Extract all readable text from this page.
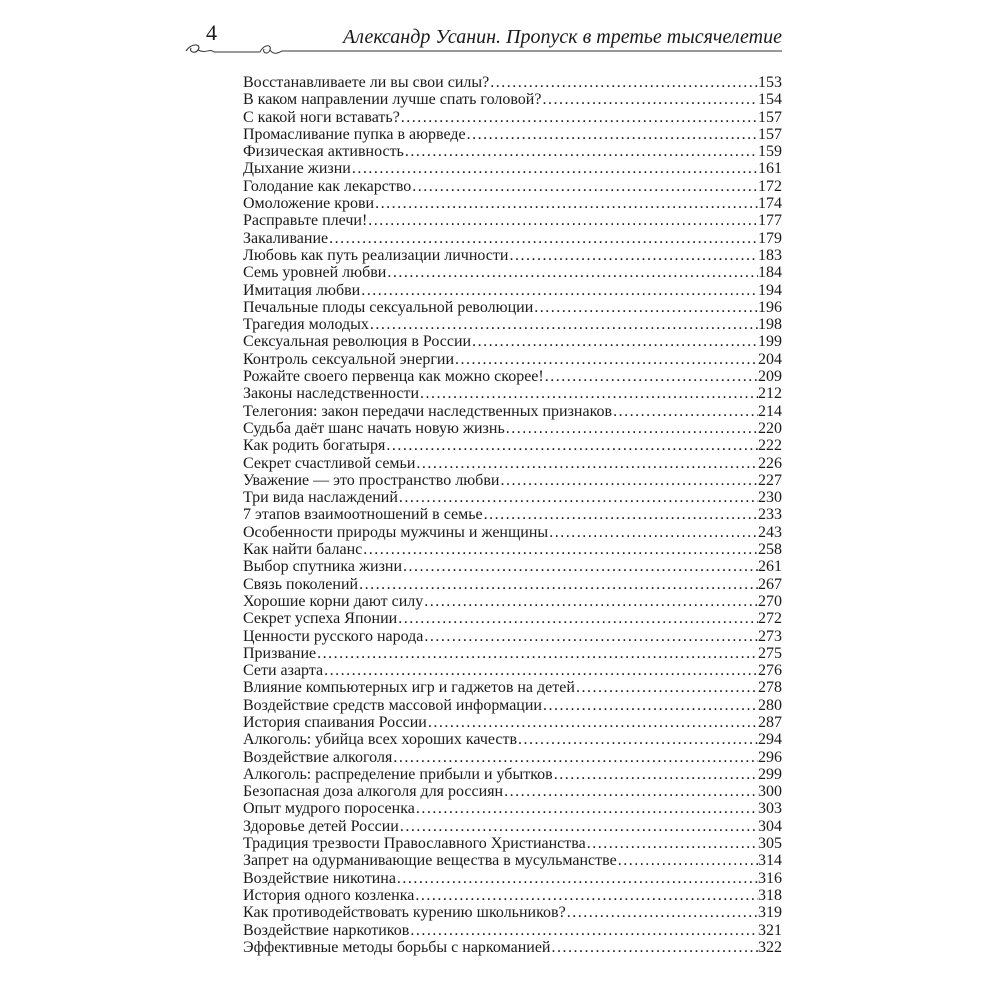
4	Александр Усанин. Пропуск в третье тысячелетие
Восстанавливаете ли вы свои силы? .....	153
В каком направлении лучше спать головой? .....	154
С какой ноги вставать? .....	157
Промасливание пупка в аюрведе .....	157
Физическая активность .....	159
Дыхание жизни .....	161
Голодание как лекарство .....	172
Омоложение крови .....	174
Расправьте плечи! .....	177
Закаливание .....	179
Любовь как путь реализации личности .....	183
Семь уровней любви .....	184
Имитация любви .....	194
Печальные плоды сексуальной революции .....	196
Трагедия молодых .....	198
Сексуальная революция в России .....	199
Контроль сексуальной энергии .....	204
Рожайте своего первенца как можно скорее! .....	209
Законы наследственности .....	212
Телегония: закон передачи наследственных признаков .....	214
Судьба даёт шанс начать новую жизнь .....	220
Как родить богатыря .....	222
Секрет счастливой семьи .....	226
Уважение — это пространство любви .....	227
Три вида наслаждений .....	230
7 этапов взаимоотношений в семье .....	233
Особенности природы мужчины и женщины .....	243
Как найти баланс .....	258
Выбор спутника жизни .....	261
Связь поколений .....	267
Хорошие корни дают силу .....	270
Секрет успеха Японии .....	272
Ценности русского народа .....	273
Призвание .....	275
Сети азарта .....	276
Влияние компьютерных игр и гаджетов на детей .....	278
Воздействие средств массовой информации .....	280
История спаивания России .....	287
Алкоголь: убийца всех хороших качеств .....	294
Воздействие алкоголя .....	296
Алкоголь: распределение прибыли и убытков .....	299
Безопасная доза алкоголя для россиян .....	300
Опыт мудрого поросенка .....	303
Здоровье детей России .....	304
Традиция трезвости Православного Христианства .....	305
Запрет на одурманивающие вещества в мусульманстве .....	314
Воздействие никотина .....	316
История одного козленка .....	318
Как противодействовать курению школьников? .....	319
Воздействие наркотиков .....	321
Эффективные методы борьбы с наркоманией .....	322
